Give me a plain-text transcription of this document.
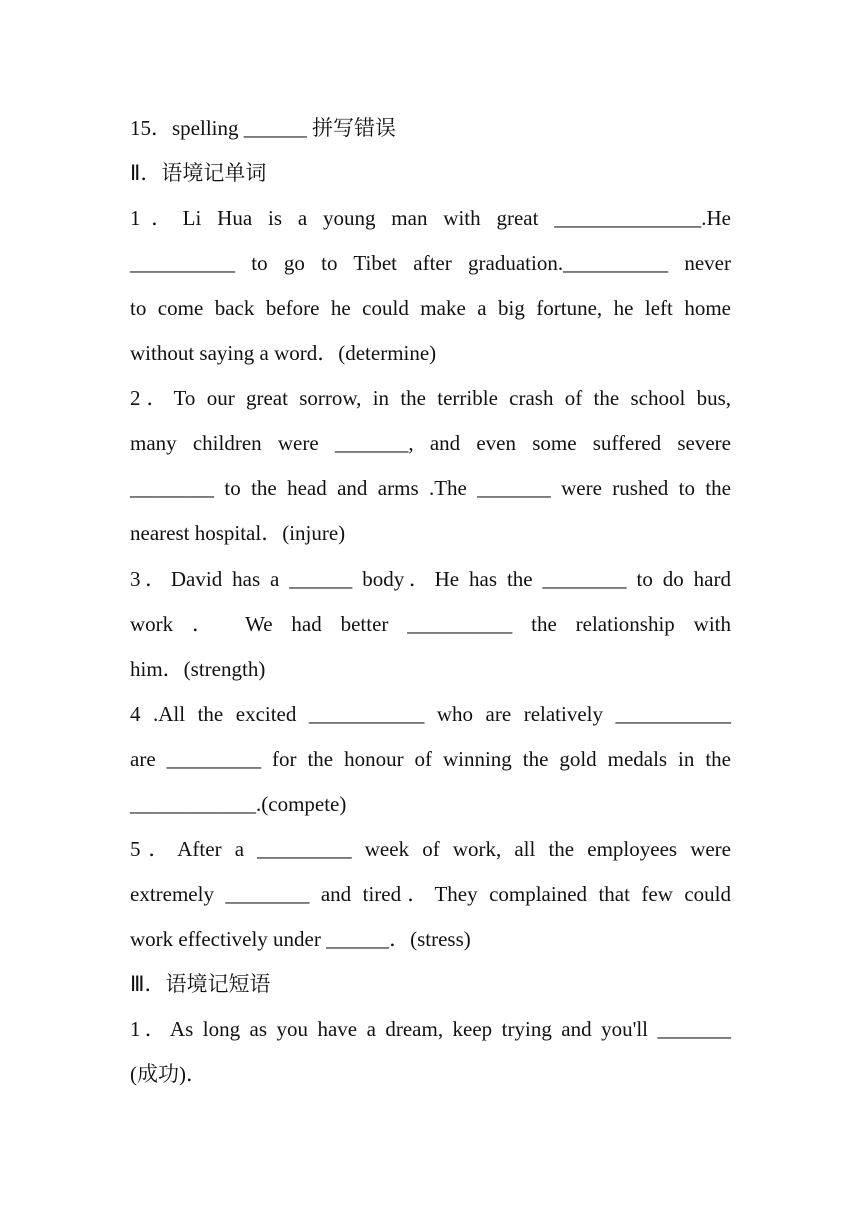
15．spelling ______ 拼写错误
Ⅱ．语境记单词
1．Li Hua is a young man with great ______________.He
__________ to go to Tibet after graduation.__________ never
to come back before he could make a big fortune, he left home
without saying a word．(determine)
2．To our great sorrow, in the terrible crash of the school bus,
many children were _______, and even some suffered severe
________ to the head and arms .The _______ were rushed to the
nearest hospital．(injure)
3．David has a ______ body．He has the ________ to do hard
work ． We had better __________ the relationship with
him．(strength)
4 .All the excited ___________ who are relatively ___________
are _________ for the honour of winning the gold medals in the
____________.(compete)
5．After a _________ week of work, all the employees were
extremely ________ and tired．They complained that few could
work effectively under ______．(stress)
Ⅲ．语境记短语
1．As long as you have a dream, keep trying and you'll _______
(成功)．
